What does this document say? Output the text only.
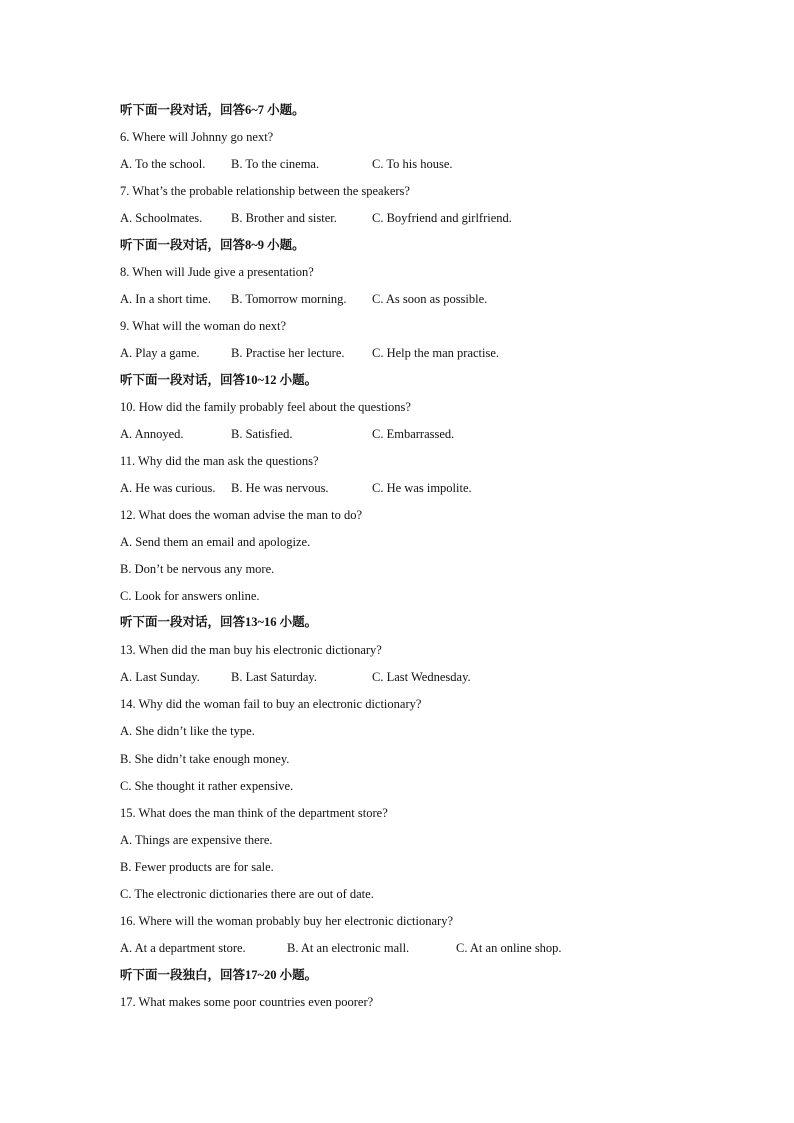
听下面一段对话，回答6~7 小题。
6. Where will Johnny go next?
A. To the school. B. To the cinema.	C. To his house.
7. What’s the probable relationship between the speakers?
A. Schoolmates. B. Brother and sister.	C. Boyfriend and girlfriend.
听下面一段对话，回答8~9 小题。
8. When will Jude give a presentation?
A. In a short time. B. Tomorrow morning. C. As soon as possible.
9. What will the woman do next?
A. Play a game.	B. Practise her lecture. C. Help the man practise.
听下面一段对话，回答10~12 小题。
10. How did the family probably feel about the questions?
A. Annoyed.	B. Satisfied.	C. Embarrassed.
11. Why did the man ask the questions?
A. He was curious. B. He was nervous.	C. He was impolite.
12. What does the woman advise the man to do?
A. Send them an email and apologize.
B. Don’t be nervous any more.
C. Look for answers online.
听下面一段对话，回答13~16 小题。
13. When did the man buy his electronic dictionary?
A. Last Sunday.	B. Last Saturday.	C. Last Wednesday.
14. Why did the woman fail to buy an electronic dictionary?
A. She didn’t like the type.
B. She didn’t take enough money.
C. She thought it rather expensive.
15. What does the man think of the department store?
A. Things are expensive there.
B. Fewer products are for sale.
C. The electronic dictionaries there are out of date.
16. Where will the woman probably buy her electronic dictionary?
A. At a department store.	B. At an electronic mall.	C. At an online shop.
听下面一段独白，回答17~20 小题。
17. What makes some poor countries even poorer?
